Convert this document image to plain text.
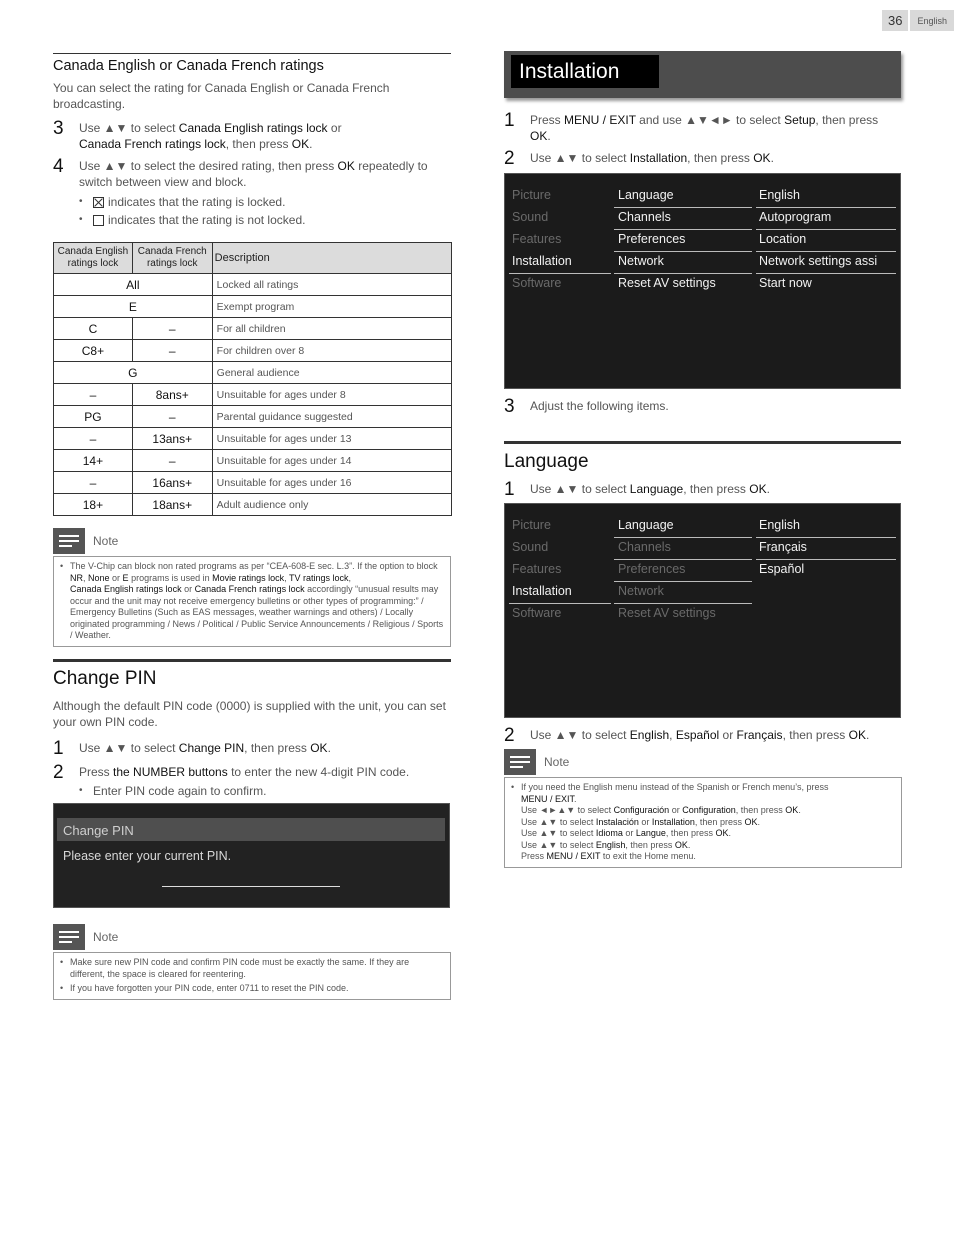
36	English
Canada English or Canada French ratings

You can select the rating for Canada English or Canada French broadcasting.

3	Use ▲▼ to select Canada English ratings lock or
Canada French ratings lock, then press OK.
4	Use ▲▼ to select the desired rating, then press OK repeatedly to switch between view and block.
•	indicates that the rating is locked.
•	indicates that the rating is not locked.
Canada English ratings lock	Canada French ratings lock	Description
All		Locked all ratings
E		Exempt program
C	–	For all children
C8+	–	For children over 8
G		General audience
–	8ans+	Unsuitable for ages under 8
PG	–	Parental guidance suggested
–	13ans+	Unsuitable for ages under 13
14+	–	Unsuitable for ages under 14
–	16ans+	Unsuitable for ages under 16
18+	18ans+	Adult audience only
Note
• The V-Chip can block non rated programs as per “CEA-608-E sec. L.3”. If the option to block NR, None or E programs is used in Movie ratings lock, TV ratings lock,
Canada English ratings lock or Canada French ratings lock accordingly “unusual results may occur and the unit may not receive emergency bulletins or other types of programming:” / Emergency Bulletins (Such as EAS messages, weather warnings and others) / Locally originated programming / News / Political / Public Service Announcements / Religious / Sports / Weather.
Change PIN

Although the default PIN code (0000) is supplied with the unit, you can set your own PIN code.

1	Use ▲▼ to select Change PIN, then press OK.
2	Press the NUMBER buttons to enter the new 4-digit PIN code.
• Enter PIN code again to confirm.
Change PIN
Please enter your current PIN.
Note
• Make sure new PIN code and confirm PIN code must be exactly the same. If they are different, the space is cleared for reentering.
• If you have forgotten your PIN code, enter 0711 to reset the PIN code.
Installation
1	Press MENU / EXIT and use ▲▼◄► to select Setup, then press
OK.
2	Use ▲▼ to select Installation, then press OK.
Picture
Sound
Features
Installation
Software
Language
Channels
Preferences
Network
Reset AV settings
English
Autoprogram
Location
Network settings assi
Start now
3	Adjust the following items.
Language
1	Use ▲▼ to select Language, then press OK.
Picture
Sound
Features
Installation
Software
Language
Channels
Preferences
Network
Reset AV settings
English
Français
Español
2	Use ▲▼ to select English, Español or Français, then press OK.
Note
• If you need the English menu instead of the Spanish or French menu’s, press
MENU / EXIT.
Use ◄►▲▼ to select Configuración or Configuration, then press OK.
Use ▲▼ to select Instalación or Installation, then press OK.
Use ▲▼ to select Idioma or Langue, then press OK.
Use ▲▼ to select English, then press OK.
Press MENU / EXIT to exit the Home menu.
